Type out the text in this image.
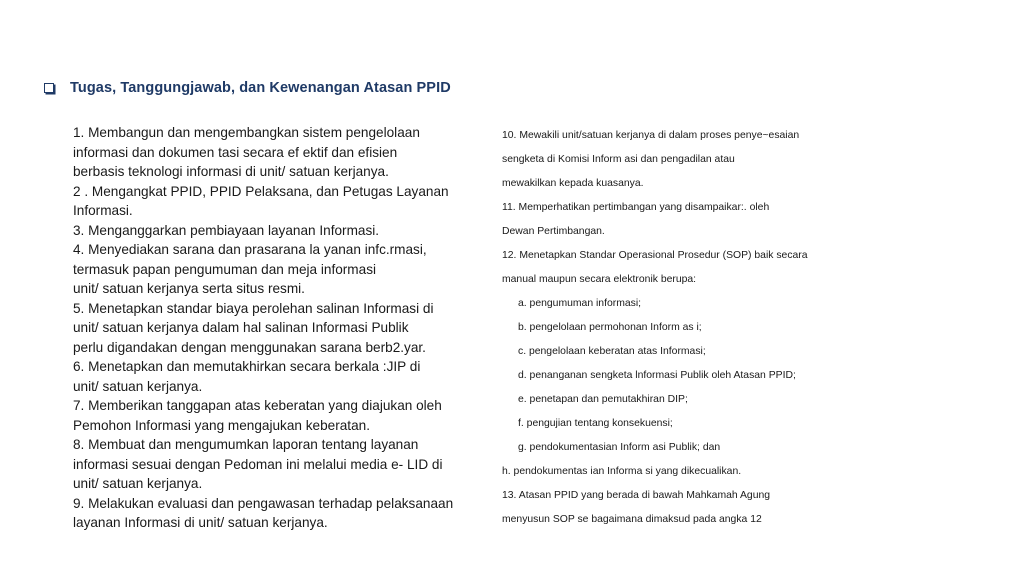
Tugas, Tanggungjawab, dan Kewenangan Atasan PPID
1. Membangun dan mengembangkan sistem pengelolaan
informasi dan dokumen tasi secara ef ektif dan efisien
berbasis teknologi informasi di unit/ satuan kerjanya.
2 . Mengangkat PPID, PPID Pelaksana, dan Petugas Layanan
Informasi.
3. Menganggarkan pembiayaan layanan Informasi.
4. Menyediakan sarana dan prasarana la yanan infc.rmasi,
termasuk papan pengumuman dan meja informasi
unit/ satuan kerjanya serta situs resmi.
5. Menetapkan standar biaya perolehan salinan Informasi di
unit/ satuan kerjanya dalam hal salinan Informasi Publik
perlu digandakan dengan menggunakan sarana berb2.yar.
6. Menetapkan dan memutakhirkan secara berkala :JIP di
unit/ satuan kerjanya.
7. Memberikan tanggapan atas keberatan yang diajukan oleh
Pemohon Informasi yang mengajukan keberatan.
8. Membuat dan mengumumkan laporan tentang layanan
informasi sesuai dengan Pedoman ini melalui media e- LID di
unit/ satuan kerjanya.
9. Melakukan evaluasi dan pengawasan terhadap pelaksanaan
layanan Informasi di unit/ satuan kerjanya.
10. Mewakili unit/satuan kerjanya di dalam proses penye~esaian
sengketa di Komisi Inform asi dan pengadilan atau
mewakilkan kepada kuasanya.
11. Memperhatikan pertimbangan yang disampaikar:. oleh
Dewan Pertimbangan.
12. Menetapkan Standar Operasional Prosedur (SOP) baik secara
manual maupun secara elektronik berupa:
a. pengumuman informasi;
b. pengelolaan permohonan Inform as i;
c. pengelolaan keberatan atas Informasi;
d. penanganan sengketa lnformasi Publik oleh Atasan PPID;
e. penetapan dan pemutakhiran DIP;
f. pengujian tentang konsekuensi;
g. pendokumentasian Inform asi Publik; dan
h. pendokumentas ian Informa si yang dikecualikan.
13. Atasan PPID yang berada di bawah Mahkamah Agung
menyusun SOP se bagaimana dimaksud pada angka 12
